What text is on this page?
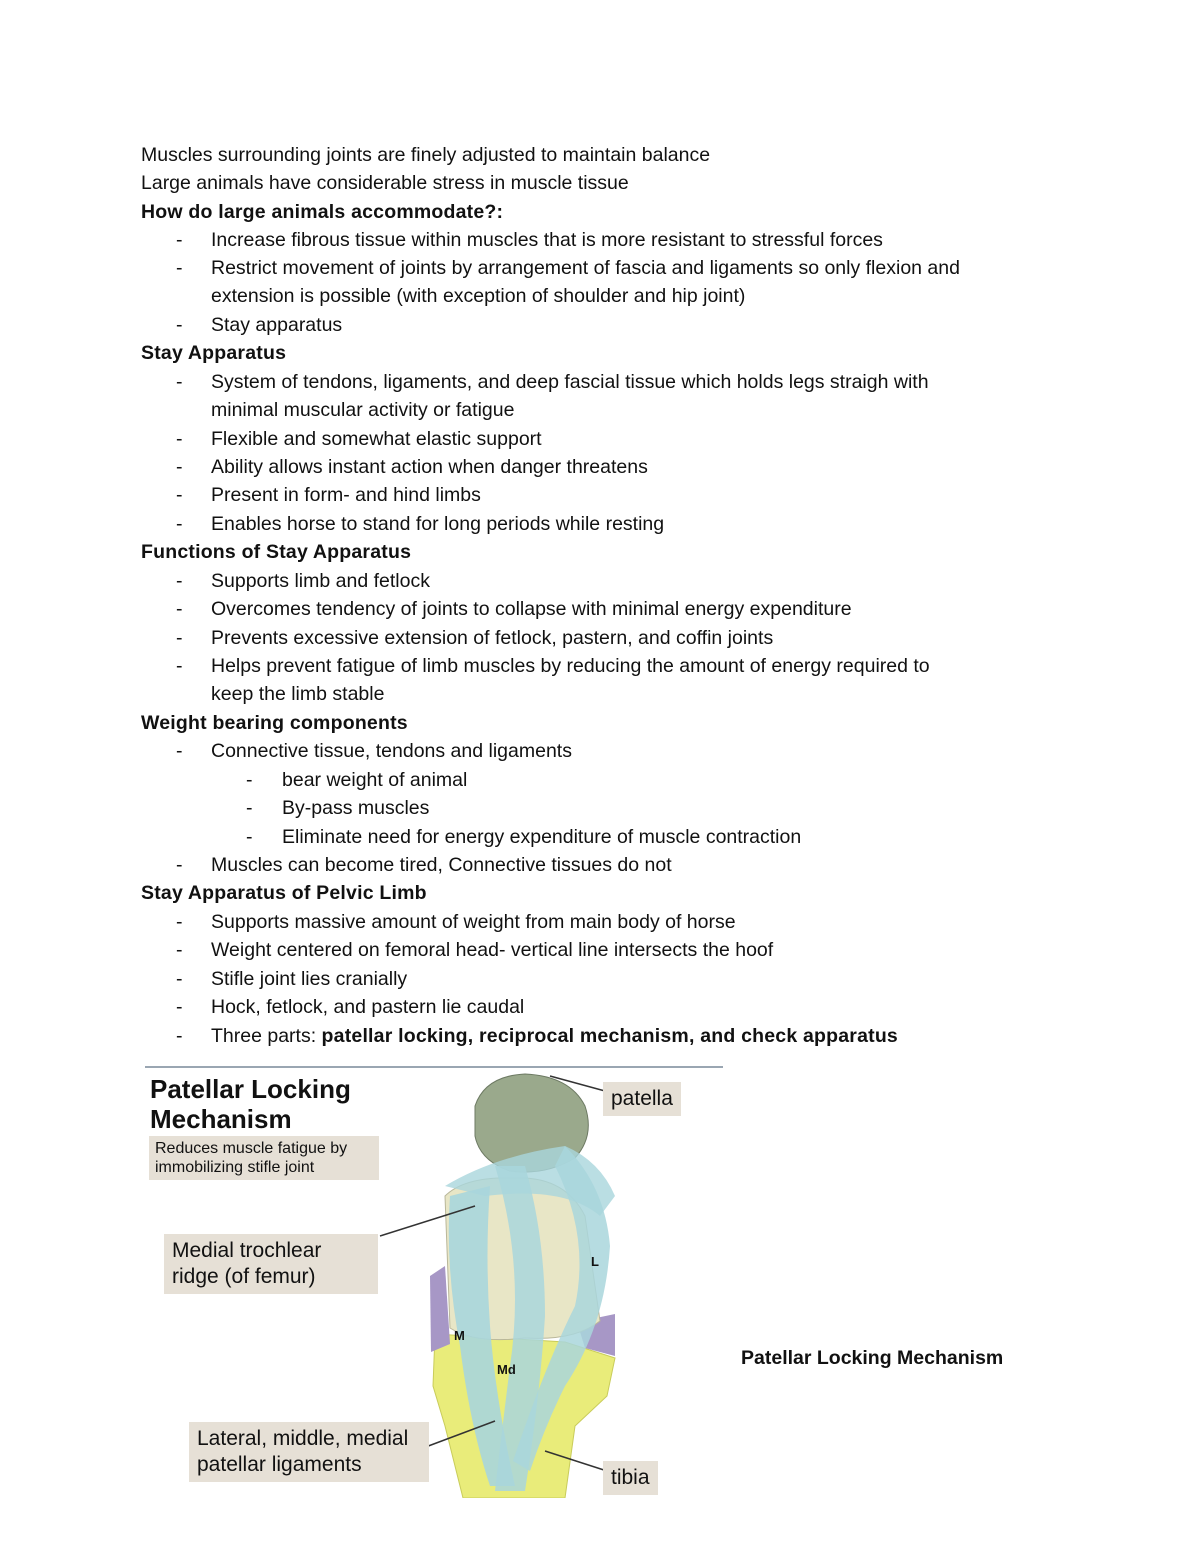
Muscles surrounding joints are finely adjusted to maintain balance
Large animals have considerable stress in muscle tissue
How do large animals accommodate?:
- Increase fibrous tissue within muscles that is more resistant to stressful forces
- Restrict movement of joints by arrangement of fascia and ligaments so only flexion and
extension is possible (with exception of shoulder and hip joint)
- Stay apparatus
Stay Apparatus
- System of tendons, ligaments, and deep fascial tissue which holds legs straigh with
minimal muscular activity or fatigue
- Flexible and somewhat elastic support
- Ability allows instant action when danger threatens
- Present in form- and hind limbs
- Enables horse to stand for long periods while resting
Functions of Stay Apparatus
- Supports limb and fetlock
- Overcomes tendency of joints to collapse with minimal energy expenditure
- Prevents excessive extension of fetlock, pastern, and coffin joints
- Helps prevent fatigue of limb muscles by reducing the amount of energy required to
keep the limb stable
Weight bearing components
- Connective tissue, tendons and ligaments
- bear weight of animal
- By-pass muscles
- Eliminate need for energy expenditure of muscle contraction
- Muscles can become tired, Connective tissues do not
Stay Apparatus of Pelvic Limb
- Supports massive amount of weight from main body of horse
- Weight centered on femoral head- vertical line intersects the hoof
- Stifle joint lies cranially
- Hock, fetlock, and pastern lie caudal
- Three parts: patellar locking, reciprocal mechanism, and check apparatus
Patellar Locking
Mechanism
Reduces muscle fatigue by
immobilizing stifle joint
Medial trochlear
ridge (of femur)
Lateral, middle, medial
patellar ligaments
patella
tibia
L
M
Md
Patellar Locking Mechanism
